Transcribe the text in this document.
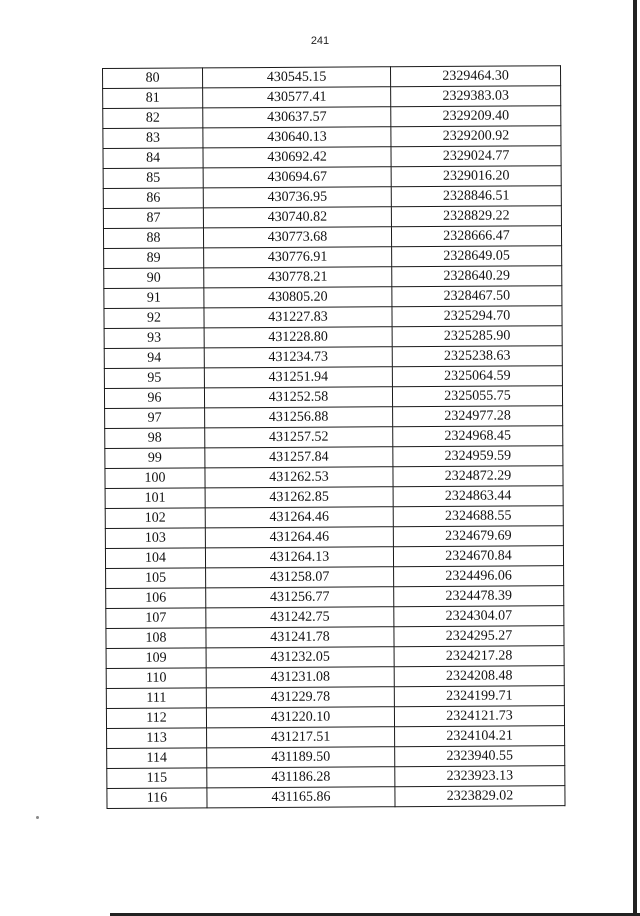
241
80	430545.15	2329464.30
81	430577.41	2329383.03
82	430637.57	2329209.40
83	430640.13	2329200.92
84	430692.42	2329024.77
85	430694.67	2329016.20
86	430736.95	2328846.51
87	430740.82	2328829.22
88	430773.68	2328666.47
89	430776.91	2328649.05
90	430778.21	2328640.29
91	430805.20	2328467.50
92	431227.83	2325294.70
93	431228.80	2325285.90
94	431234.73	2325238.63
95	431251.94	2325064.59
96	431252.58	2325055.75
97	431256.88	2324977.28
98	431257.52	2324968.45
99	431257.84	2324959.59
100	431262.53	2324872.29
101	431262.85	2324863.44
102	431264.46	2324688.55
103	431264.46	2324679.69
104	431264.13	2324670.84
105	431258.07	2324496.06
106	431256.77	2324478.39
107	431242.75	2324304.07
108	431241.78	2324295.27
109	431232.05	2324217.28
110	431231.08	2324208.48
111	431229.78	2324199.71
112	431220.10	2324121.73
113	431217.51	2324104.21
114	431189.50	2323940.55
115	431186.28	2323923.13
116	431165.86	2323829.02
